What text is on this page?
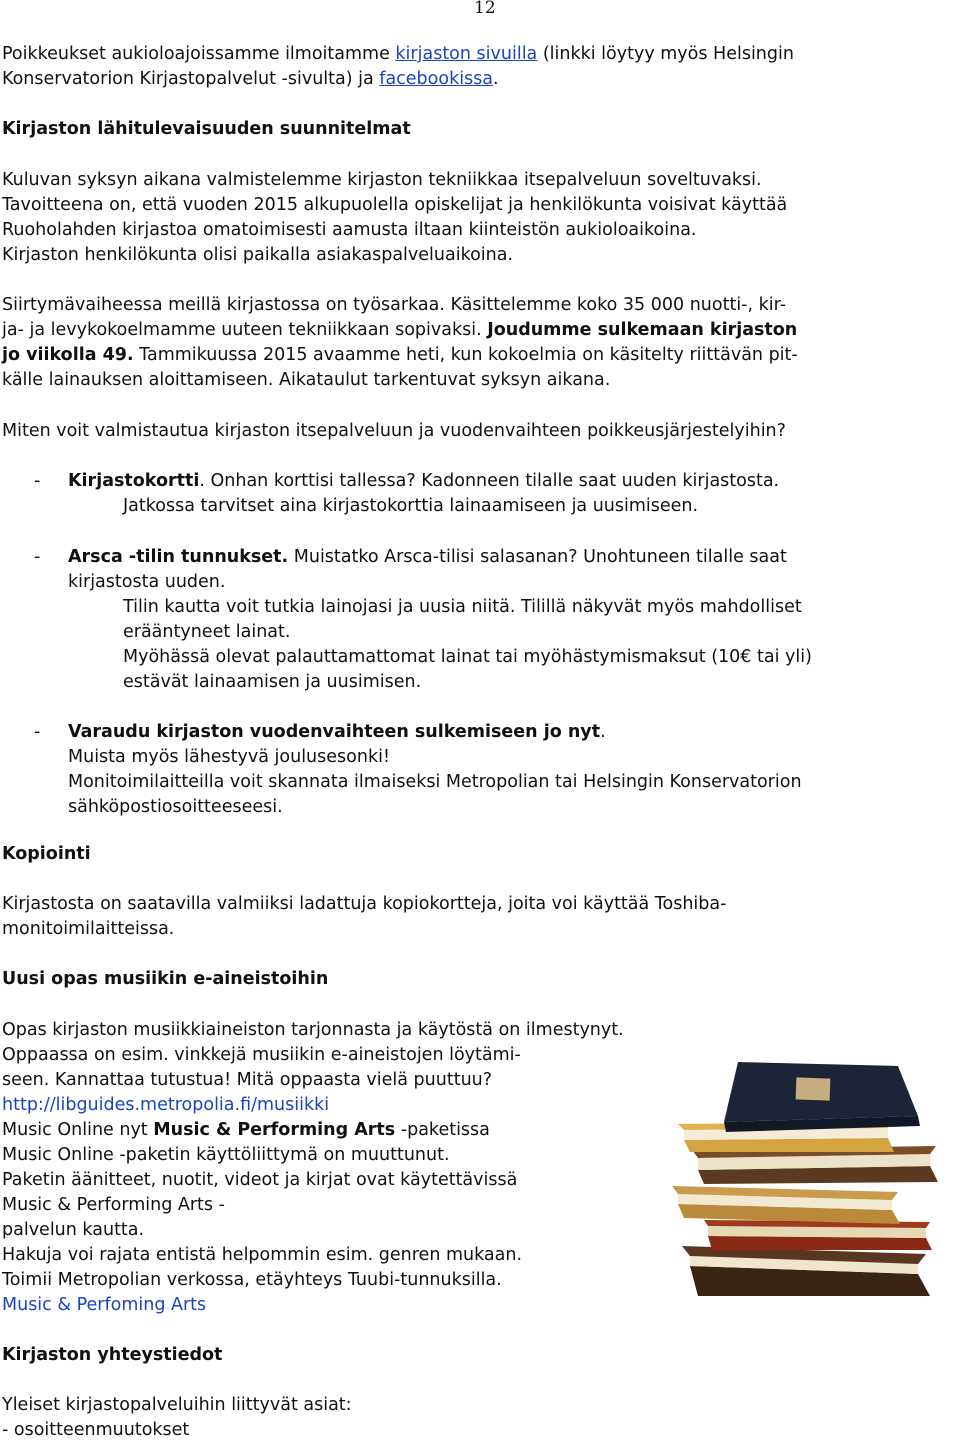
12
Poikkeukset aukioloajoissamme ilmoitamme kirjaston sivuilla (linkki löytyy myös Helsingin
Konservatorion Kirjastopalvelut -sivulta) ja facebookissa.
Kirjaston lähitulevaisuuden suunnitelmat
Kuluvan syksyn aikana valmistelemme kirjaston tekniikkaa itsepalveluun soveltuvaksi.
Tavoitteena on, että vuoden 2015 alkupuolella opiskelijat ja henkilökunta voisivat käyttää
Ruoholahden kirjastoa omatoimisesti aamusta iltaan kiinteistön aukioloaikoina.
Kirjaston henkilökunta olisi paikalla asiakaspalveluaikoina.
Siirtymävaiheessa meillä kirjastossa on työsarkaa. Käsittelemme koko 35 000 nuotti-, kir-
ja- ja levykokoelmamme uuteen tekniikkaan sopivaksi. Joudumme sulkemaan kirjaston
jo viikolla 49. Tammikuussa 2015 avaamme heti, kun kokoelmia on käsitelty riittävän pit-
källe lainauksen aloittamiseen. Aikataulut tarkentuvat syksyn aikana.
Miten voit valmistautua kirjaston itsepalveluun ja vuodenvaihteen poikkeusjärjestelyihin?
- Kirjastokortti. Onhan korttisi tallessa? Kadonneen tilalle saat uuden kirjastosta.
Jatkossa tarvitset aina kirjastokorttia lainaamiseen ja uusimiseen.
- Arsca -tilin tunnukset. Muistatko Arsca-tilisi salasanan? Unohtuneen tilalle saat
kirjastosta uuden.
Tilin kautta voit tutkia lainojasi ja uusia niitä. Tilillä näkyvät myös mahdolliset
erääntyneet lainat.
Myöhässä olevat palauttamattomat lainat tai myöhästymismaksut (10€ tai yli)
estävät lainaamisen ja uusimisen.
- Varaudu kirjaston vuodenvaihteen sulkemiseen jo nyt.
Muista myös lähestyvä joulusesonki!
Monitoimilaitteilla voit skannata ilmaiseksi Metropolian tai Helsingin Konservatorion
sähköpostiosoitteeseesi.
Kopiointi
Kirjastosta on saatavilla valmiiksi ladattuja kopiokortteja, joita voi käyttää Toshiba-
monitoimilaitteissa.
Uusi opas musiikin e-aineistoihin
Opas kirjaston musiikkiaineiston tarjonnasta ja käytöstä on ilmestynyt.
Oppaassa on esim. vinkkejä musiikin e-aineistojen löytämi-
seen. Kannattaa tutustua! Mitä oppaasta vielä puuttuu?
http://libguides.metropolia.fi/musiikki
Music Online nyt Music & Performing Arts -paketissa
Music Online -paketin käyttöliittymä on muuttunut.
Paketin äänitteet, nuotit, videot ja kirjat ovat käytettävissä
Music & Performing Arts -
palvelun kautta.
Hakuja voi rajata entistä helpommin esim. genren mukaan.
Toimii Metropolian verkossa, etäyhteys Tuubi-tunnuksilla.
Music & Perfoming Arts
Kirjaston yhteystiedot
Yleiset kirjastopalveluihin liittyvät asiat:
- osoitteenmuutokset
